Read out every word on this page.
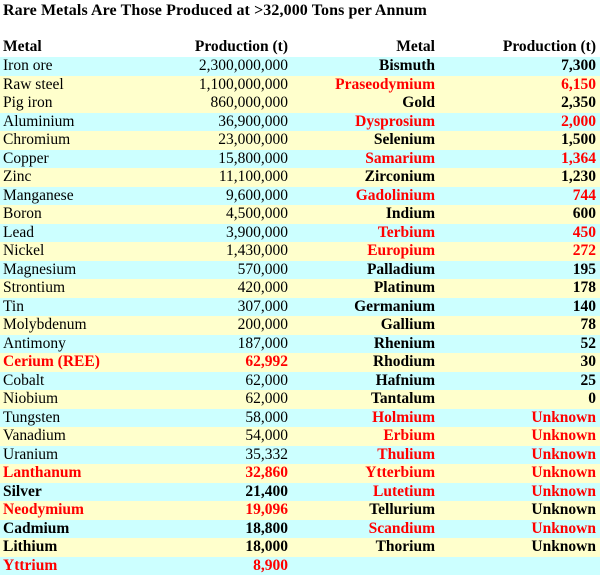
Rare Metals Are Those Produced at >32,000 Tons per Annum
Metal	Production (t)	Metal	Production (t)
Iron ore	2,300,000,000	Bismuth	7,300
Raw steel	1,100,000,000	Praseodymium	6,150
Pig iron	860,000,000	Gold	2,350
Aluminium	36,900,000	Dysprosium	2,000
Chromium	23,000,000	Selenium	1,500
Copper	15,800,000	Samarium	1,364
Zinc	11,100,000	Zirconium	1,230
Manganese	9,600,000	Gadolinium	744
Boron	4,500,000	Indium	600
Lead	3,900,000	Terbium	450
Nickel	1,430,000	Europium	272
Magnesium	570,000	Palladium	195
Strontium	420,000	Platinum	178
Tin	307,000	Germanium	140
Molybdenum	200,000	Gallium	78
Antimony	187,000	Rhenium	52
Cerium (REE)	62,992	Rhodium	30
Cobalt	62,000	Hafnium	25
Niobium	62,000	Tantalum	0
Tungsten	58,000	Holmium	Unknown
Vanadium	54,000	Erbium	Unknown
Uranium	35,332	Thulium	Unknown
Lanthanum	32,860	Ytterbium	Unknown
Silver	21,400	Lutetium	Unknown
Neodymium	19,096	Tellurium	Unknown
Cadmium	18,800	Scandium	Unknown
Lithium	18,000	Thorium	Unknown
Yttrium	8,900
